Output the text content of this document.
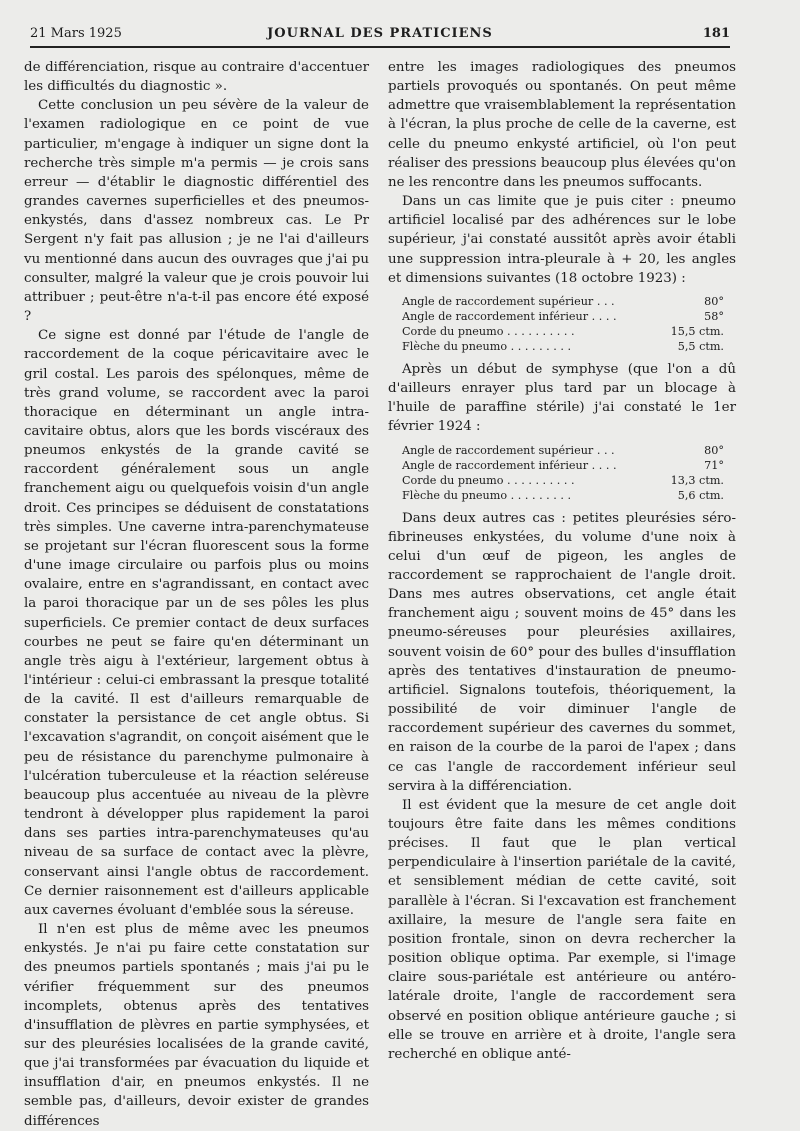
21 Mars 1925	JOURNAL DES PRATICIENS	181

de différenciation, risque au contraire d'accentuer les difficultés du diagnostic ».

Cette conclusion un peu sévère de la valeur de l'examen radiologique en ce point de vue particulier, m'engage à indiquer un signe dont la recherche très simple m'a permis — je crois sans erreur — d'établir le diagnostic différentiel des grandes cavernes superficielles et des pneumos-enkystés, dans d'assez nombreux cas. Le Pr Sergent n'y fait pas allusion ; je ne l'ai d'ailleurs vu mentionné dans aucun des ouvrages que j'ai pu consulter, malgré la valeur que je crois pouvoir lui attribuer ; peut-être n'a-t-il pas encore été exposé ?

Ce signe est donné par l'étude de l'angle de raccordement de la coque péricavitaire avec le gril costal. Les parois des spélonques, même de très grand volume, se raccordent avec la paroi thoracique en déterminant un angle intra-cavitaire obtus, alors que les bords viscéraux des pneumos enkystés de la grande cavité se raccordent généralement sous un angle franchement aigu ou quelquefois voisin d'un angle droit. Ces principes se déduisent de constatations très simples. Une caverne intra-parenchymateuse se projetant sur l'écran fluorescent sous la forme d'une image circulaire ou parfois plus ou moins ovalaire, entre en s'agrandissant, en contact avec la paroi thoracique par un de ses pôles les plus superficiels. Ce premier contact de deux surfaces courbes ne peut se faire qu'en déterminant un angle très aigu à l'extérieur, largement obtus à l'intérieur : celui-ci embrassant la presque totalité de la cavité. Il est d'ailleurs remarquable de constater la persistance de cet angle obtus. Si l'excavation s'agrandit, on conçoit aisément que le peu de résistance du parenchyme pulmonaire à l'ulcération tuberculeuse et la réaction seléreuse beaucoup plus accentuée au niveau de la plèvre tendront à développer plus rapidement la paroi dans ses parties intra-parenchymateuses qu'au niveau de sa surface de contact avec la plèvre, conservant ainsi l'angle obtus de raccordement. Ce dernier raisonnement est d'ailleurs applicable aux cavernes évoluant d'emblée sous la séreuse.

Il n'en est plus de même avec les pneumos enkystés. Je n'ai pu faire cette constatation sur des pneumos partiels spontanés ; mais j'ai pu le vérifier fréquemment sur des pneumos incomplets, obtenus après des tentatives d'insufflation de plèvres en partie symphysées, et sur des pleurésies localisées de la grande cavité, que j'ai transformées par évacuation du liquide et insufflation d'air, en pneumos enkystés. Il ne semble pas, d'ailleurs, devoir exister de grandes différences

entre les images radiologiques des pneumos partiels provoqués ou spontanés. On peut même admettre que vraisemblablement la représentation à l'écran, la plus proche de celle de la caverne, est celle du pneumo enkysté artificiel, où l'on peut réaliser des pressions beaucoup plus élevées qu'on ne les rencontre dans les pneumos suffocants.

Dans un cas limite que je puis citer : pneumo artificiel localisé par des adhérences sur le lobe supérieur, j'ai constaté aussitôt après avoir établi une suppression intra-pleurale à + 20, les angles et dimensions suivantes (18 octobre 1923) :

Angle de raccordement supérieur . . .	80°
Angle de raccordement inférieur . . . .	58°
Corde du pneumo . . . . . . . . . .	15,5 ctm.
Flèche du pneumo . . . . . . . . .	5,5 ctm.

Après un début de symphyse (que l'on a dû d'ailleurs enrayer plus tard par un blocage à l'huile de paraffine stérile) j'ai constaté le 1er février 1924 :

Angle de raccordement supérieur . . .	80°
Angle de raccordement inférieur . . . .	71°
Corde du pneumo . . . . . . . . . .	13,3 ctm.
Flèche du pneumo . . . . . . . . .	5,6 ctm.

Dans deux autres cas : petites pleurésies séro-fibrineuses enkystées, du volume d'une noix à celui d'un œuf de pigeon, les angles de raccordement se rapprochaient de l'angle droit. Dans mes autres observations, cet angle était franchement aigu ; souvent moins de 45° dans les pneumo-séreuses pour pleurésies axillaires, souvent voisin de 60° pour des bulles d'insufflation après des tentatives d'instauration de pneumo-artificiel. Signalons toutefois, théoriquement, la possibilité de voir diminuer l'angle de raccordement supérieur des cavernes du sommet, en raison de la courbe de la paroi de l'apex ; dans ce cas l'angle de raccordement inférieur seul servira à la différenciation.

Il est évident que la mesure de cet angle doit toujours être faite dans les mêmes conditions précises. Il faut que le plan vertical perpendiculaire à l'insertion pariétale de la cavité, et sensiblement médian de cette cavité, soit parallèle à l'écran. Si l'excavation est franchement axillaire, la mesure de l'angle sera faite en position frontale, sinon on devra rechercher la position oblique optima. Par exemple, si l'image claire sous-pariétale est antérieure ou antéro-latérale droite, l'angle de raccordement sera observé en position oblique antérieure gauche ; si elle se trouve en arrière et à droite, l'angle sera recherché en oblique anté-
